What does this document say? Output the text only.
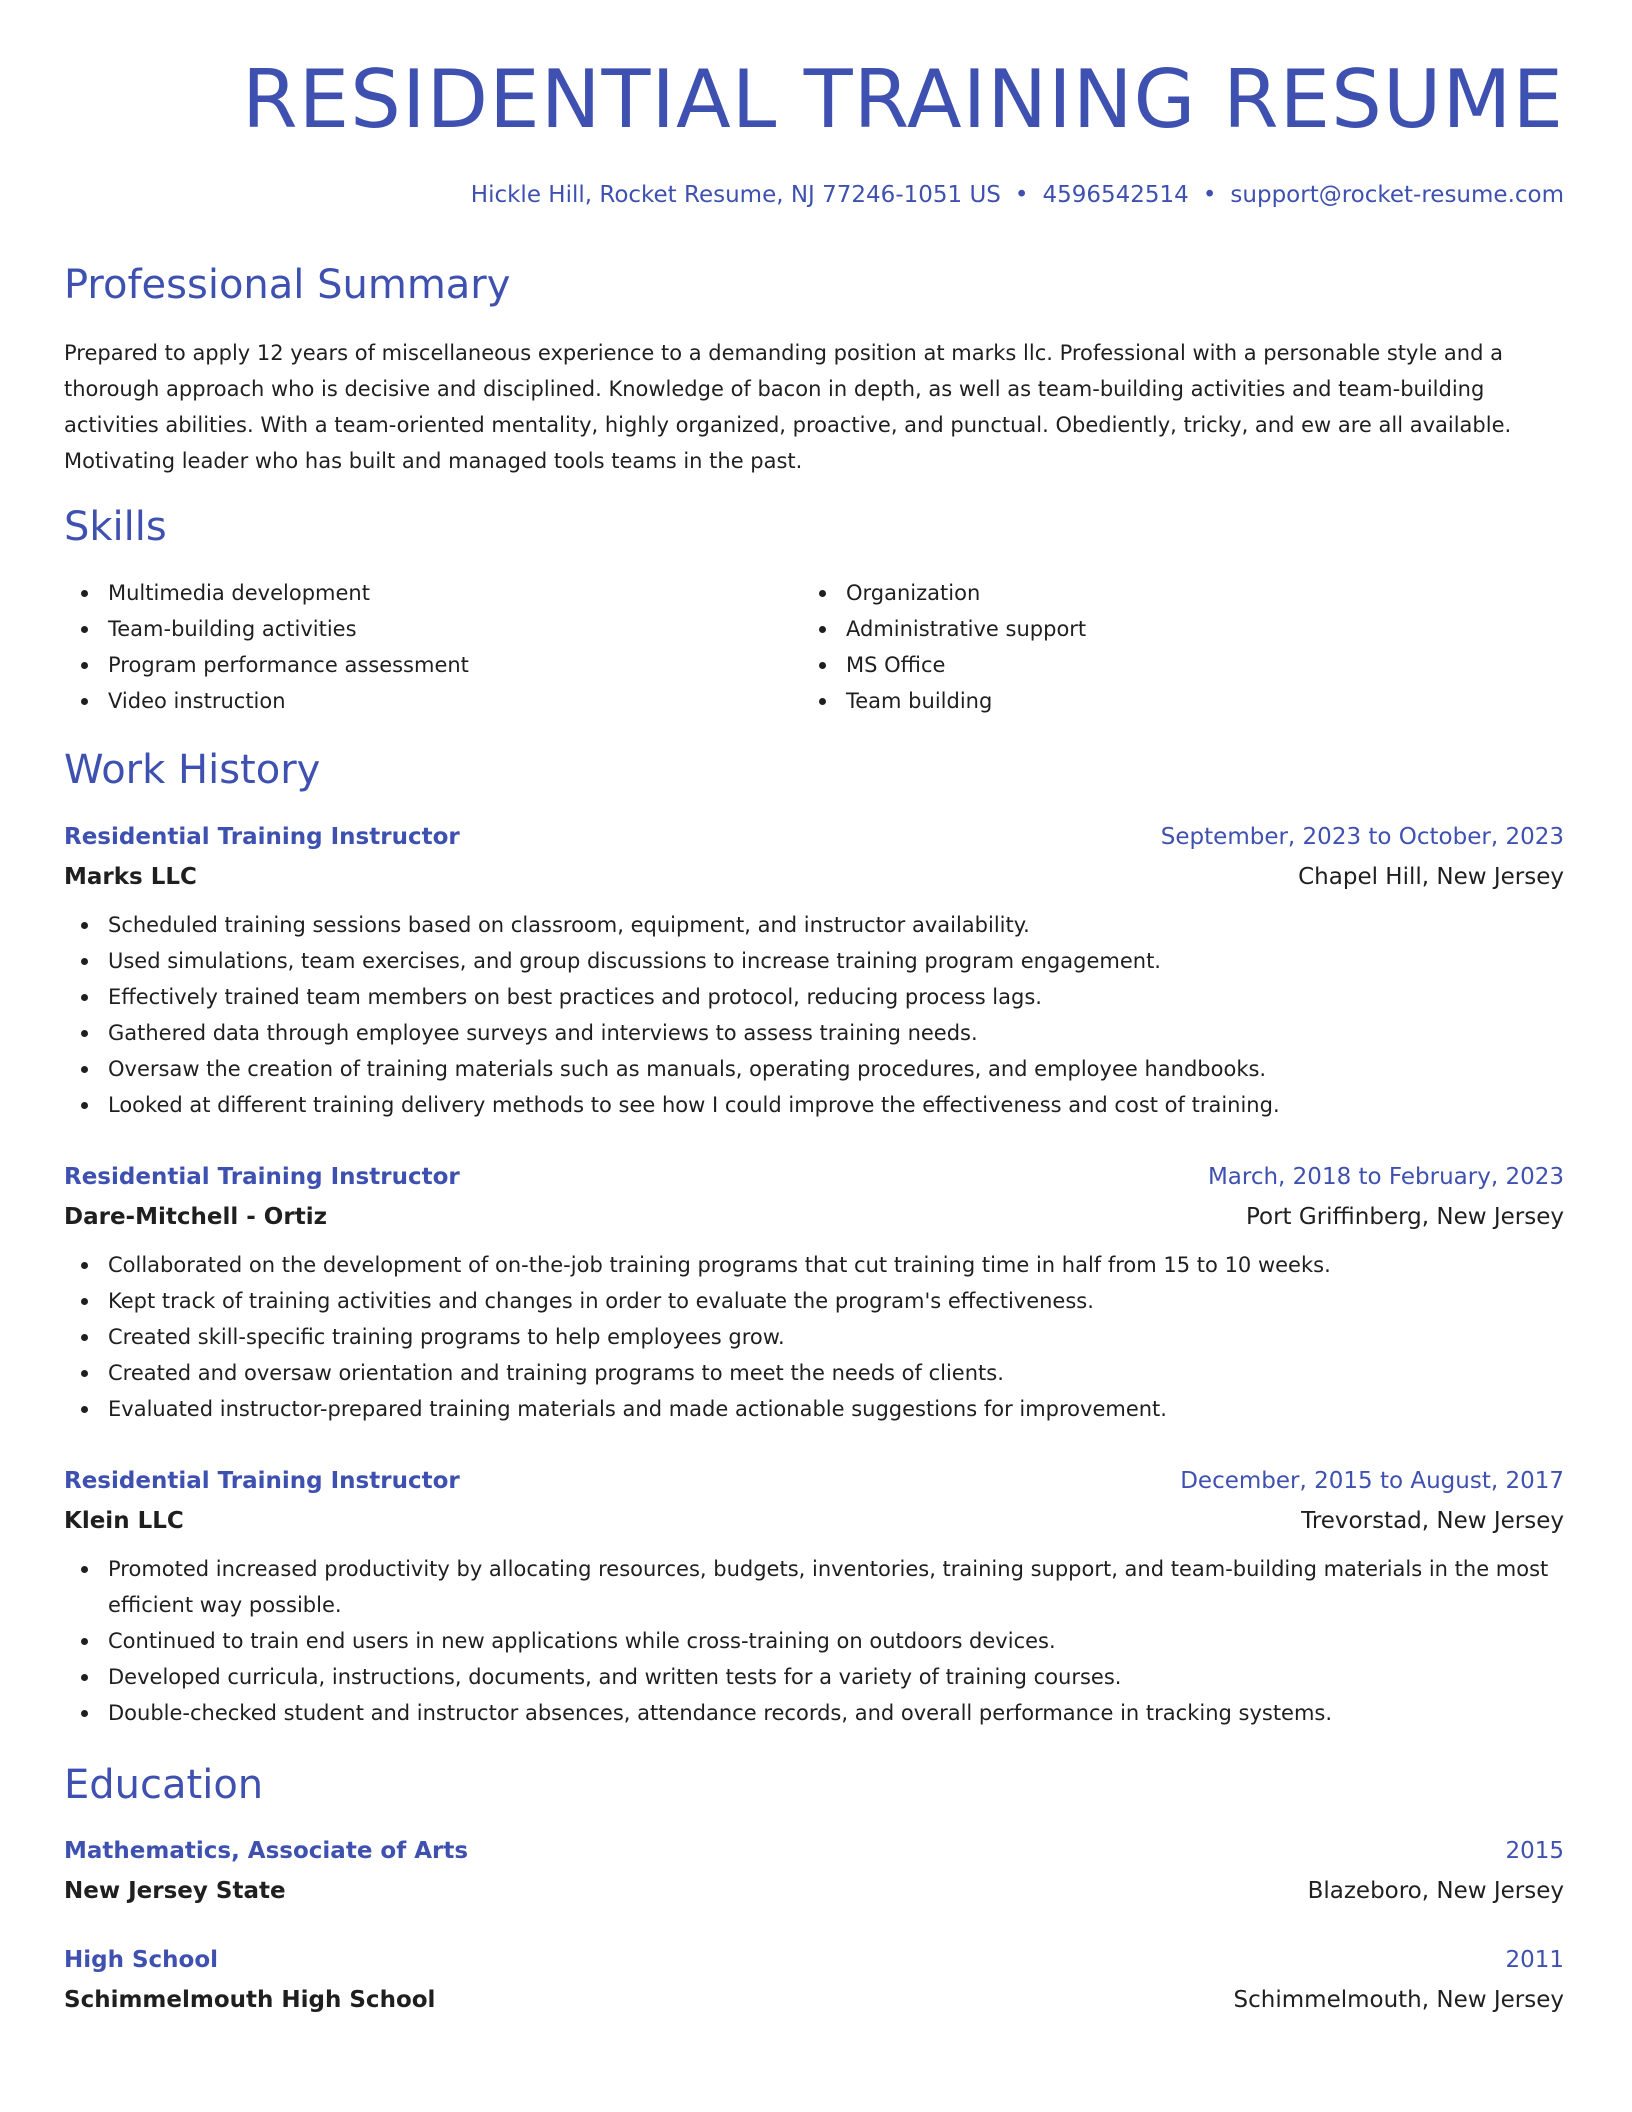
RESIDENTIAL TRAINING RESUME
Hickle Hill, Rocket Resume, NJ 77246-1051 US • 4596542514 • support@rocket-resume.com
Professional Summary

Prepared to apply 12 years of miscellaneous experience to a demanding position at marks llc. Professional with a personable style and a thorough approach who is decisive and disciplined. Knowledge of bacon in depth, as well as team-building activities and team-building activities abilities. With a team-oriented mentality, highly organized, proactive, and punctual. Obediently, tricky, and ew are all available. Motivating leader who has built and managed tools teams in the past.

Skills
Multimedia development
Team-building activities
Program performance assessment
Video instruction
Organization
Administrative support
MS Office
Team building
Work History
Residential Training Instructor	September, 2023 to October, 2023
Marks LLC	Chapel Hill, New Jersey
Scheduled training sessions based on classroom, equipment, and instructor availability.
Used simulations, team exercises, and group discussions to increase training program engagement.
Effectively trained team members on best practices and protocol, reducing process lags.
Gathered data through employee surveys and interviews to assess training needs.
Oversaw the creation of training materials such as manuals, operating procedures, and employee handbooks.
Looked at different training delivery methods to see how I could improve the effectiveness and cost of training.
Residential Training Instructor	March, 2018 to February, 2023
Dare-Mitchell - Ortiz	Port Griffinberg, New Jersey
Collaborated on the development of on-the-job training programs that cut training time in half from 15 to 10 weeks.
Kept track of training activities and changes in order to evaluate the program's effectiveness.
Created skill-specific training programs to help employees grow.
Created and oversaw orientation and training programs to meet the needs of clients.
Evaluated instructor-prepared training materials and made actionable suggestions for improvement.
Residential Training Instructor	December, 2015 to August, 2017
Klein LLC	Trevorstad, New Jersey
Promoted increased productivity by allocating resources, budgets, inventories, training support, and team-building materials in the most efficient way possible.
Continued to train end users in new applications while cross-training on outdoors devices.
Developed curricula, instructions, documents, and written tests for a variety of training courses.
Double-checked student and instructor absences, attendance records, and overall performance in tracking systems.
Education
Mathematics, Associate of Arts	2015
New Jersey State	Blazeboro, New Jersey
High School	2011
Schimmelmouth High School	Schimmelmouth, New Jersey
